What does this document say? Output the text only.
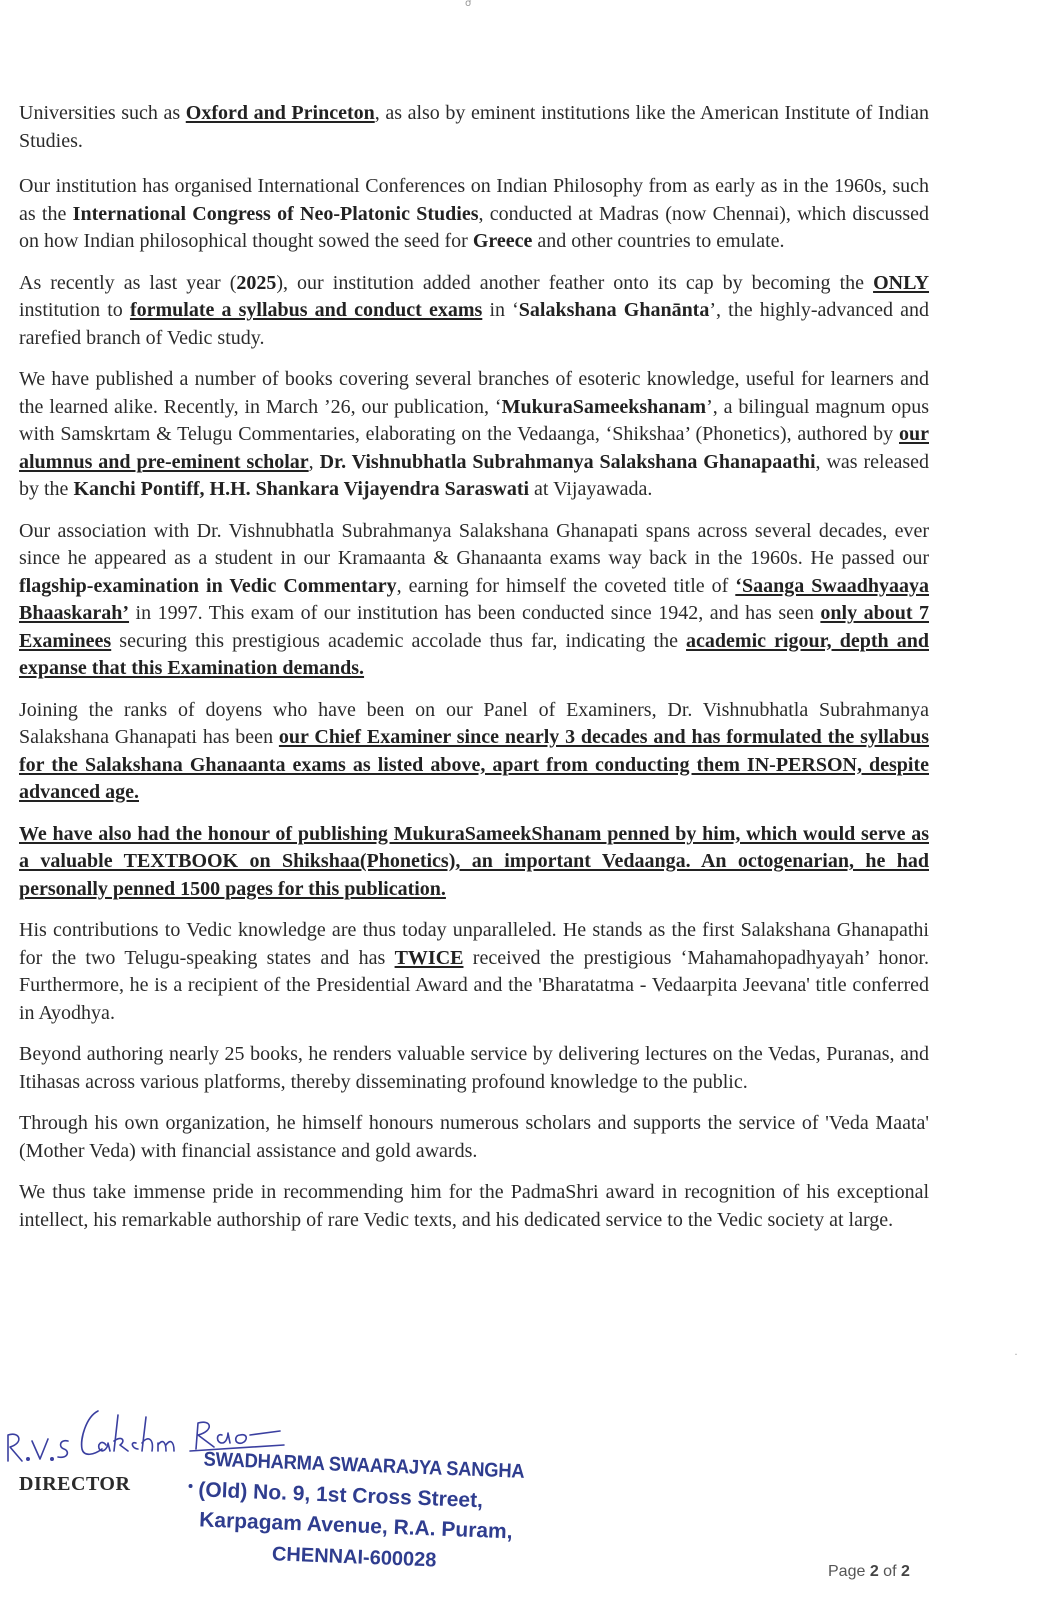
σ
˙

Universities such as Oxford and Princeton, as also by eminent institutions like the American Institute of Indian Studies.

Our institution has organised International Conferences on Indian Philosophy from as early as in the 1960s, such as the International Congress of Neo-Platonic Studies, conducted at Madras (now Chennai), which discussed on how Indian philosophical thought sowed the seed for Greece and other countries to emulate.

As recently as last year (2025), our institution added another feather onto its cap by becoming the ONLY institution to formulate a syllabus and conduct exams in ‘Salakshana Ghanānta’, the highly-advanced and rarefied branch of Vedic study.

We have published a number of books covering several branches of esoteric knowledge, useful for learners and the learned alike. Recently, in March ’26, our publication, ‘MukuraSameekshanam’, a bilingual magnum opus with Samskrtam & Telugu Commentaries, elaborating on the Vedaanga, ‘Shikshaa’ (Phonetics), authored by our alumnus and pre-eminent scholar, Dr. Vishnubhatla Subrahmanya Salakshana Ghanapaathi, was released by the Kanchi Pontiff, H.H. Shankara Vijayendra Saraswati at Vijayawada.

Our association with Dr. Vishnubhatla Subrahmanya Salakshana Ghanapati spans across several decades, ever since he appeared as a student in our Kramaanta & Ghanaanta exams way back in the 1960s. He passed our flagship-examination in Vedic Commentary, earning for himself the coveted title of ‘Saanga Swaadhyaaya Bhaaskarah’ in 1997. This exam of our institution has been conducted since 1942, and has seen only about 7 Examinees securing this prestigious academic accolade thus far, indicating the academic rigour, depth and expanse that this Examination demands.

Joining the ranks of doyens who have been on our Panel of Examiners, Dr. Vishnubhatla Subrahmanya Salakshana Ghanapati has been our Chief Examiner since nearly 3 decades and has formulated the syllabus for the Salakshana Ghanaanta exams as listed above, apart from conducting them IN-PERSON, despite advanced age.

We have also had the honour of publishing MukuraSameekShanam penned by him, which would serve as a valuable TEXTBOOK on Shikshaa(Phonetics), an important Vedaanga. An octogenarian, he had personally penned 1500 pages for this publication.

His contributions to Vedic knowledge are thus today unparalleled. He stands as the first Salakshana Ghanapathi for the two Telugu-speaking states and has TWICE received the prestigious ‘Mahamahopadhyayah’ honor. Furthermore, he is a recipient of the Presidential Award and the 'Bharatatma - Vedaarpita Jeevana' title conferred in Ayodhya.

Beyond authoring nearly 25 books, he renders valuable service by delivering lectures on the Vedas, Puranas, and Itihasas across various platforms, thereby disseminating profound knowledge to the public.

Through his own organization, he himself honours numerous scholars and supports the service of 'Veda Maata' (Mother Veda) with financial assistance and gold awards.

We thus take immense pride in recommending him for the PadmaShri award in recognition of his exceptional intellect, his remarkable authorship of rare Vedic texts, and his dedicated service to the Vedic society at large.

DIRECTOR
SWADHARMA SWAARAJYA SANGHA
(Old) No. 9, 1st Cross Street,
Karpagam Avenue, R.A. Puram,
CHENNAI-600028	Page 2 of 2
